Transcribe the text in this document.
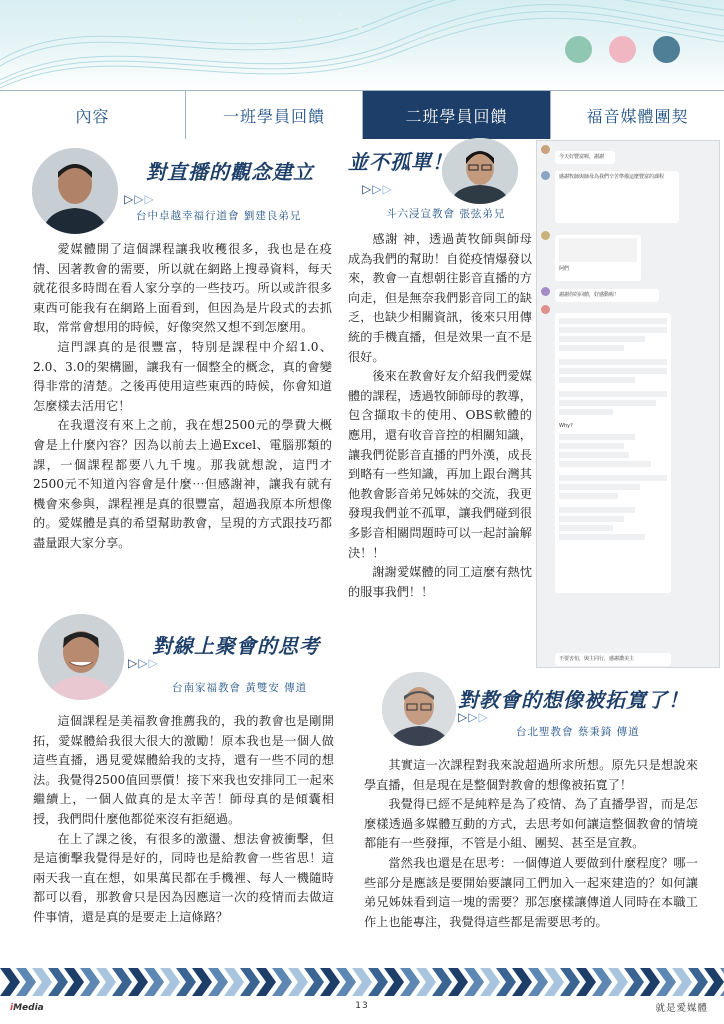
內容	一班學員回饋	二班學員回饋	福音媒體團契
對直播的觀念建立
▷▷▷
台中卓越幸福行道會 劉建良弟兄

愛媒體開了這個課程讓我收穫很多，我也是在疫情、因著教會的需要，所以就在網路上搜尋資料，每天就花很多時間在看人家分享的一些技巧。所以或許很多東西可能我有在網路上面看到，但因為是片段式的去抓取，常常會想用的時候，好像突然又想不到怎麼用。

這門課真的是很豐富，特別是課程中介紹1.0、2.0、3.0的架構圖，讓我有一個整全的概念，真的會變得非常的清楚。之後再使用這些東西的時候，你會知道怎麼樣去活用它！

在我還沒有來上之前，我在想2500元的學費大概會是上什麼內容？因為以前去上過Excel、電腦那類的課，一個課程都要八九千塊。那我就想說，這門才2500元不知道內容會是什麼⋯但感謝神，讓我有就有機會來參與，課程裡是真的很豐富，超過我原本所想像的。愛媒體是真的希望幫助教會，呈現的方式跟技巧都盡量跟大家分享。

並不孤單！
▷▷▷
斗六浸宣教會 張弦弟兄

感謝 神，透過黃牧師與師母成為我們的幫助！自從疫情爆發以來，教會一直想朝往影音直播的方向走，但是無奈我們影音同工的缺乏，也缺少相關資訊，後來只用傳統的手機直播，但是效果一直不是很好。

後來在教會好友介紹我們愛媒體的課程，透過牧師師母的教導，包含擷取卡的使用、OBS軟體的應用，還有收音音控的相關知識，讓我們從影音直播的門外漢，成長到略有一些知識，再加上跟台灣其他教會影音弟兄姊妹的交流，我更發現我們並不孤單，讓我們碰到很多影音相關問題時可以一起討論解決！！

謝謝愛媒體的同工這麼有熱忱的服事我們！！

今天好豐富喔，謝謝
感謝牧師與師母為我們辛苦準備這麼豐富的課程
阿們
謝謝你的回饋，好感動喔！
Why?
不要害怕，與主同行，感謝讚美主
對線上聚會的思考
▷▷▷
台南家福教會 黃雙安 傳道

這個課程是美福教會推薦我的，我的教會也是剛開拓，愛媒體給我很大很大的激勵！原本我也是一個人做這些直播，遇見愛媒體給我的支持，還有一些不同的想法。我覺得2500值回票價！接下來我也安排同工一起來繼續上，一個人做真的是太辛苦！師母真的是傾囊相授，我們問什麼他都從來沒有拒絕過。

在上了課之後，有很多的激盪、想法會被衝擊，但是這衝擊我覺得是好的，同時也是給教會一些省思！這兩天我一直在想，如果萬民都在手機裡、每人一機隨時都可以看，那教會只是因為因應這一次的疫情而去做這件事情，還是真的是要走上這條路？

對教會的想像被拓寬了！
▷▷▷
台北聖教會 蔡秉錡 傳道

其實這一次課程對我來說超過所求所想。原先只是想說來學直播，但是現在是整個對教會的想像被拓寬了！

我覺得已經不是純粹是為了疫情、為了直播學習，而是怎麼樣透過多媒體互動的方式，去思考如何讓這整個教會的情境都能有一些發揮，不管是小組、團契、甚至是宣教。

當然我也還是在思考：一個傳道人要做到什麼程度？哪一些部分是應該是要開始要讓同工們加入一起來建造的？如何讓弟兄姊妹看到這一塊的需要？那怎麼樣讓傳道人同時在本職工作上也能專注，我覺得這些都是需要思考的。

iMedia	13	就是愛媒體
